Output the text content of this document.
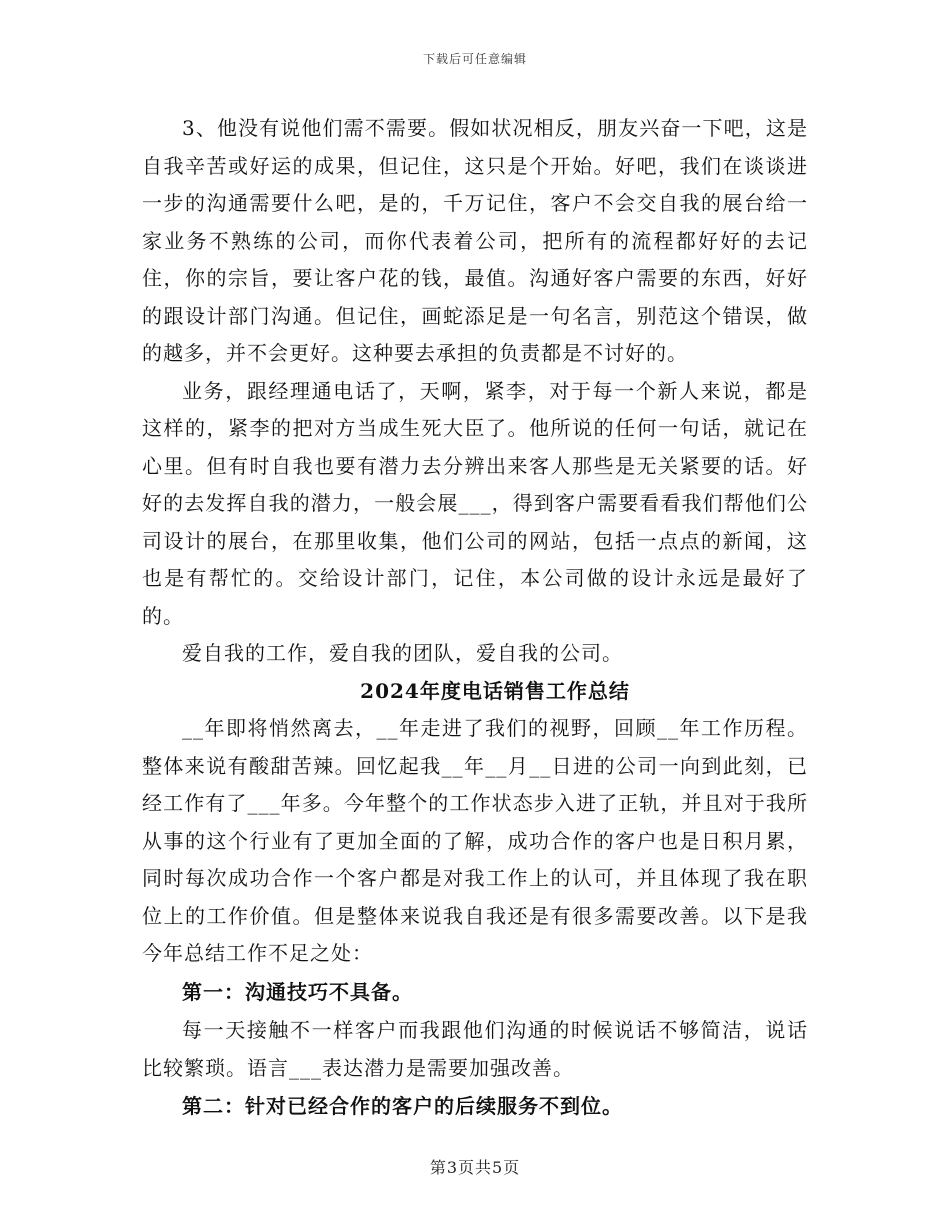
下载后可任意编辑

3、他没有说他们需不需要。假如状况相反，朋友兴奋一下吧，这是自我辛苦或好运的成果，但记住，这只是个开始。好吧，我们在谈谈进一步的沟通需要什么吧，是的，千万记住，客户不会交自我的展台给一家业务不熟练的公司，而你代表着公司，把所有的流程都好好的去记住，你的宗旨，要让客户花的钱，最值。沟通好客户需要的东西，好好的跟设计部门沟通。但记住，画蛇添足是一句名言，别范这个错误，做的越多，并不会更好。这种要去承担的负责都是不讨好的。

业务，跟经理通电话了，天啊，紧李，对于每一个新人来说，都是这样的，紧李的把对方当成生死大臣了。他所说的任何一句话，就记在心里。但有时自我也要有潜力去分辨出来客人那些是无关紧要的话。好好的去发挥自我的潜力，一般会展___，得到客户需要看看我们帮他们公司设计的展台，在那里收集，他们公司的网站，包括一点点的新闻，这也是有帮忙的。交给设计部门，记住，本公司做的设计永远是最好了的。

爱自我的工作，爱自我的团队，爱自我的公司。

2024年度电话销售工作总结

__年即将悄然离去，__年走进了我们的视野，回顾__年工作历程。整体来说有酸甜苦辣。回忆起我__年__月__日进的公司一向到此刻，已经工作有了___年多。今年整个的工作状态步入进了正轨，并且对于我所从事的这个行业有了更加全面的了解，成功合作的客户也是日积月累，同时每次成功合作一个客户都是对我工作上的认可，并且体现了我在职位上的工作价值。但是整体来说我自我还是有很多需要改善。以下是我今年总结工作不足之处：

第一：沟通技巧不具备。

每一天接触不一样客户而我跟他们沟通的时候说话不够简洁，说话比较繁琐。语言___表达潜力是需要加强改善。

第二：针对已经合作的客户的后续服务不到位。

第3页共5页
